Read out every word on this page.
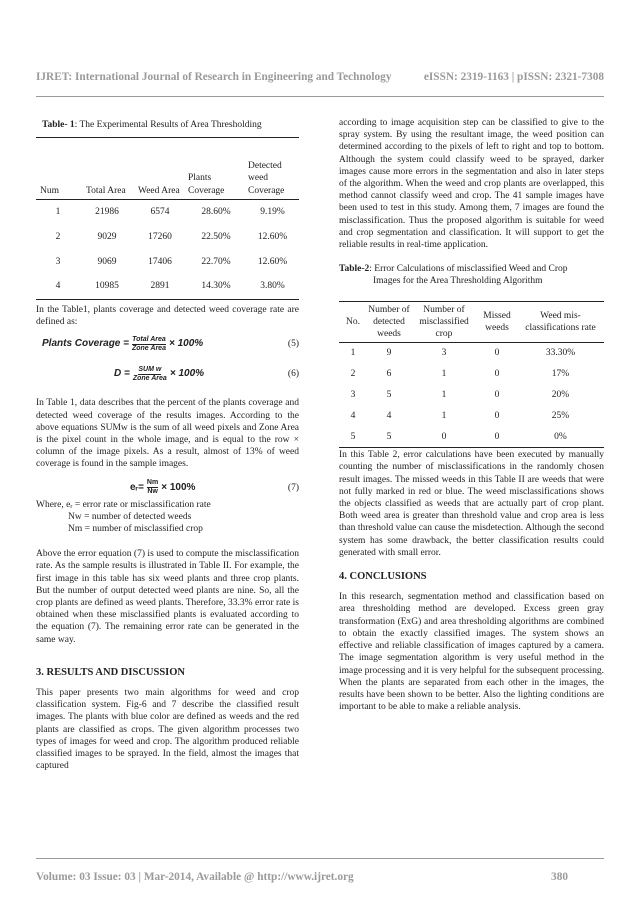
IJRET: International Journal of Research in Engineering and Technology	eISSN: 2319-1163 | pISSN: 2321-7308
Table- 1: The Experimental Results of Area Thresholding
Num	Total Area	Weed Area	Plants Coverage	Detected weed Coverage
1	21986	6574	28.60%	9.19%
2	9029	17260	22.50%	12.60%
3	9069	17406	22.70%	12.60%
4	10985	2891	14.30%	3.80%

In the Table1, plants coverage and detected weed coverage rate are defined as:

Plants Coverage = $\frac{\text{Total Area}}{\text{Zone Area}} \times 100\%$	(5)
$D = \frac{\text{SUM w}}{\text{Zone Area}} \times 100\%$	(6)

In Table 1, data describes that the percent of the plants coverage and detected weed coverage of the results images. According to the above equations SUMw is the sum of all weed pixels and Zone Area is the pixel count in the whole image, and is equal to the row × column of the image pixels. As a result, almost of 13% of weed coverage is found in the sample images.

eᵣ= $\frac{Nm}{Nw} \times 100\%$	(7)

Where, eᵣ = error rate or misclassification rate

Nw = number of detected weeds

Nm = number of misclassified crop

Above the error equation (7) is used to compute the misclassification rate. As the sample results is illustrated in Table II. For example, the first image in this table has six weed plants and three crop plants. But the number of output detected weed plants are nine. So, all the crop plants are defined as weed plants. Therefore, 33.3% error rate is obtained when these misclassified plants is evaluated according to the equation (7). The remaining error rate can be generated in the same way.

3. RESULTS AND DISCUSSION

This paper presents two main algorithms for weed and crop classification system. Fig-6 and 7 describe the classified result images. The plants with blue color are defined as weeds and the red plants are classified as crops. The given algorithm processes two types of images for weed and crop. The algorithm produced reliable classified images to be sprayed. In the field, almost the images that captured

according to image acquisition step can be classified to give to the spray system. By using the resultant image, the weed position can determined according to the pixels of left to right and top to bottom. Although the system could classify weed to be sprayed, darker images cause more errors in the segmentation and also in later steps of the algorithm. When the weed and crop plants are overlapped, this method cannot classify weed and crop. The 41 sample images have been used to test in this study. Among them, 7 images are found the misclassification. Thus the proposed algorithm is suitable for weed and crop segmentation and classification. It will support to get the reliable results in real-time application.

Table-2: Error Calculations of misclassified Weed and Crop
Images for the Area Thresholding Algorithm
No.	Number of detected weeds	Number of misclassified crop	Missed weeds	Weed mis-classifications rate
1	9	3	0	33.30%
2	6	1	0	17%
3	5	1	0	20%
4	4	1	0	25%
5	5	0	0	0%

In this Table 2, error calculations have been executed by manually counting the number of misclassifications in the randomly chosen result images. The missed weeds in this Table II are weeds that were not fully marked in red or blue. The weed misclassifications shows the objects classified as weeds that are actually part of crop plant. Both weed area is greater than threshold value and crop area is less than threshold value can cause the misdetection. Although the second system has some drawback, the better classification results could generated with small error.

4. CONCLUSIONS

In this research, segmentation method and classification based on area thresholding method are developed. Excess green gray transformation (ExG) and area thresholding algorithms are combined to obtain the exactly classified images. The system shows an effective and reliable classification of images captured by a camera. The image segmentation algorithm is very useful method in the image processing and it is very helpful for the subsequent processing. When the plants are separated from each other in the images, the results have been shown to be better. Also the lighting conditions are important to be able to make a reliable analysis.

Volume: 03 Issue: 03 | Mar-2014, Available @ http://www.ijret.org	380
